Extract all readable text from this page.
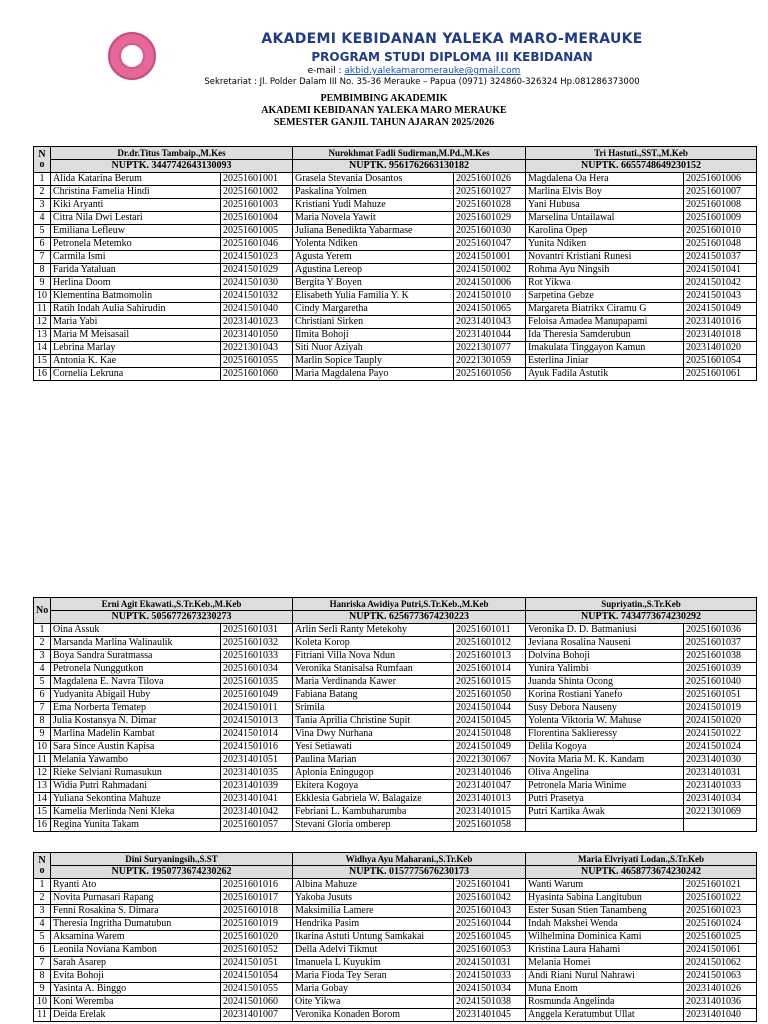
AKADEMI KEBIDANAN YALEKA MARO-MERAUKE
PROGRAM STUDI DIPLOMA III KEBIDANAN
e-mail : akbid.yalekamaromerauke@gmail.com
Sekretariat : Jl. Polder Dalam III No. 35-36 Merauke – Papua (0971) 324860-326324 Hp.081286373000
PEMBIMBING AKADEMIK
AKADEMI KEBIDANAN YALEKA MARO MERAUKE
SEMESTER GANJIL TAHUN AJARAN 2025/2026
N
o	Dr.dr.Titus Tambaip.,M.Kes		Nurokhmat Fadli Sudirman,M.Pd.,M.Kes		Tri Hastuti.,SST.,M.Keb	
	NUPTK. 3447742643130093		NUPTK. 9561762663130182		NUPTK. 6655748649230152	
1	Alida Katarina Berum	20251601001	Grasela Stevania Dosantos	20251601026	Magdalena Oa Hera	20251601006
2	Christina Famelia Hindi	20251601002	Paskalina Yolmen	20251601027	Marlina Elvis Boy	20251601007
3	Kiki Aryanti	20251601003	Kristiani Yudi Mahuze	20251601028	Yani Hubusa	20251601008
4	Citra Nila Dwi Lestari	20251601004	Maria Novela Yawit	20251601029	Marselina Untailawal	20251601009
5	Emiliana Lefleuw	20251601005	Juliana Benedikta Yabarmase	20251601030	Karolina Opep	20251601010
6	Petronela Metemko	20251601046	Yolenta Ndiken	20251601047	Yunita Ndiken	20251601048
7	Carmila Ismi	20241501023	Agusta Yerem	20241501001	Novantri Kristiani Runesi	20241501037
8	Farida Yataluan	20241501029	Agustina Lereop	20241501002	Rohma Ayu Ningsih	20241501041
9	Herlina Doom	20241501030	Bergita Y Boyen	20241501006	Rot Yikwa	20241501042
10	Klementina Batmomolin	20241501032	Elisabeth Yulia Familia Y. K	20241501010	Sarpetina Gebze	20241501043
11	Ratih Indah Aulia Sahirudin	20241501040	Cindy Margaretha	20241501065	Margareta Biatrikx Ciramu G	20241501049
12	Maria Yabi	20231401023	Christiani Sirken	20231401043	Feloisa Amadea Manupapami	20231401016
13	Maria M Meisasail	20231401050	Ilmita Bohoji	20231401044	Ida Theresia Samderubun	20231401018
14	Lebrina Marlay	20221301043	Siti Nuor Aziyah	20221301077	Imakulata Tinggayon Kamun	20231401020
15	Antonia K. Kae	20251601055	Marlin Sopice Tauply	20221301059	Esterlina Jiniar	20251601054
16	Cornelia Lekruna	20251601060	Maria Magdalena Payo	20251601056	Ayuk Fadila Astutik	20251601061
No	Erni Agit Ekawati.,S.Tr.Keb.,M.Keb		Hanriska Awidiya Putri,S.Tr.Keb.,M.Keb		Supriyatin.,S.Tr.Keb	
	NUPTK. 5056772673230273		NUPTK. 6256773674230223		NUPTK. 7434773674230292	
1	Oina Assuk	20251601031	Arlin Serli Ranty Metekohy	20251601011	Veronika D. D. Batmaniusi	20251601036
2	Marsanda Marlina Walinaulik	20251601032	Koleta Korop	20251601012	Jeviana Rosalina Nauseni	20251601037
3	Boya Sandra Suratmassa	20251601033	Fitriani Villa Nova Ndun	20251601013	Dolvina Bohoji	20251601038
4	Petronela Nunggutkon	20251601034	Veronika Stanisalsa Rumfaan	20251601014	Yunira Yalimbi	20251601039
5	Magdalena E. Navra Tilova	20251601035	Maria Verdinanda Kawer	20251601015	Juanda Shinta Ocong	20251601040
6	Yudyanita Abigail Huby	20251601049	Fabiana Batang	20251601050	Korina Rostiani Yanefo	20251601051
7	Ema Norberta Tematep	20241501011	Srimila	20241501044	Susy Debora Nauseny	20241501019
8	Julia Kostansya N. Dimar	20241501013	Tania Aprilia Christine Supit	20241501045	Yolenta Viktoria W. Mahuse	20241501020
9	Marlina Madelin Kambat	20241501014	Vina Dwy Nurhana	20241501048	Florentina Saklieressy	20241501022
10	Sara Since Austin Kapisa	20241501016	Yesi Setiawati	20241501049	Delila Kogoya	20241501024
11	Melania Yawambo	20231401051	Paulina Marian	20221301067	Novita Maria M. K. Kandam	20231401030
12	Rieke Selviani Rumasukun	20231401035	Aplonia Eningugop	20231401046	Oliva Angelina	20231401031
13	Widia Putri Rahmadani	20231401039	Ekitera Kogoya	20231401047	Petronela Maria Winime	20231401033
14	Yuliana Sekontina Mahuze	20231401041	Ekklesia Gabriela W. Balagaize	20231401013	Putri Prasetya	20231401034
15	Kamelia Merlinda Neni Kleka	20231401042	Febriani L. Kambuharumba	20231401015	Putri Kartika Awak	20221301069
16	Regina Yunita Takam	20251601057	Stevani Gloria omberep	20251601058		
N
o	Dini Suryaningsih.,S.ST		Widhya Ayu Maharani.,S.Tr.Keb		Maria Elvriyati Lodan.,S.Tr.Keb	
	NUPTK. 1950773674230262		NUPTK. 0157775676230173		NUPTK. 4658773674230242	
1	Ryanti Ato	20251601016	Albina Mahuze	20251601041	Wanti Warum	20251601021
2	Novita Purnasari Rapang	20251601017	Yakoba Jusuts	20251601042	Hyasinta Sabina Langitubun	20251601022
3	Fenni Rosakina S. Dimara	20251601018	Maksimilia Lamere	20251601043	Ester Susan Stien Tanambeng	20251601023
4	Theresia Ingritha Dumatubun	20251601019	Hendrika Pasim	20251601044	Indah Makshei Wenda	20251601024
5	Aksamina Warem	20251601020	Ikarina Astuti Untung Samkakai	20251601045	Wilhelmina Dominica Kami	20251601025
6	Leonila Noviana Kambon	20251601052	Della Adelvi Tikmut	20251601053	Kristina Laura Hahami	20241501061
7	Sarah Asarep	20241501051	Imanuela L Kuyukim	20241501031	Melania Homei	20241501062
8	Evita Bohoji	20241501054	Maria Fioda Tey Seran	20241501033	Andi Riani Nurul Nahrawi	20241501063
9	Yasinta A. Binggo	20241501055	Maria Gobay	20241501034	Muna Enom	20231401026
10	Koni Weremba	20241501060	Oite Yikwa	20241501038	Rosmunda Angelinda	20231401036
11	Deida Erelak	20231401007	Veronika Konaden Borom	20231401045	Anggela Keratumbut Ullat	20231401040
